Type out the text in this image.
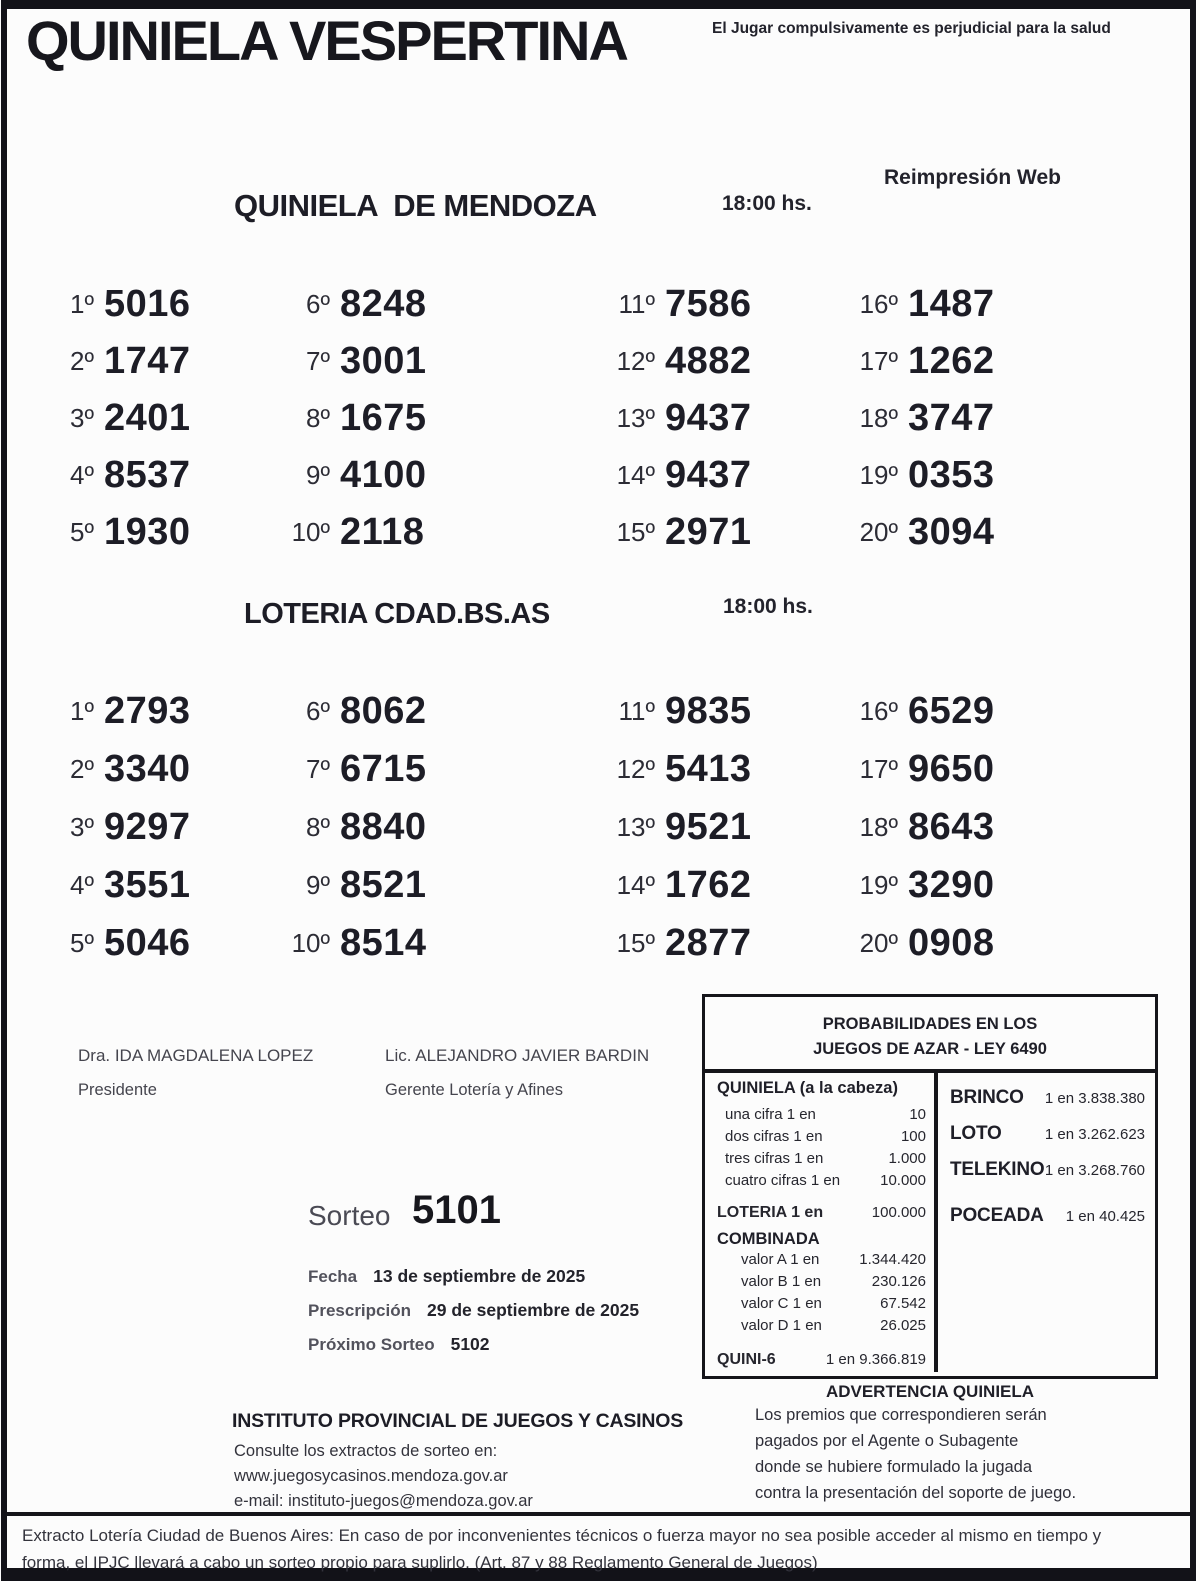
QUINIELA VESPERTINA	El Jugar compulsivamente es perjudicial para la salud
Reimpresión Web
QUINIELA  DE MENDOZA	18:00 hs.
1º 5016
2º 1747
3º 2401
4º 8537
5º 1930
6º 8248
7º 3001
8º 1675
9º 4100
10º 2118
11º 7586
12º 4882
13º 9437
14º 9437
15º 2971
16º 1487
17º 1262
18º 3747
19º 0353
20º 3094
LOTERIA CDAD.BS.AS	18:00 hs.
1º 2793
2º 3340
3º 9297
4º 3551
5º 5046
6º 8062
7º 6715
8º 8840
9º 8521
10º 8514
11º 9835
12º 5413
13º 9521
14º 1762
15º 2877
16º 6529
17º 9650
18º 8643
19º 3290
20º 0908
Dra. IDA MAGDALENA LOPEZ
Presidente
Lic. ALEJANDRO JAVIER BARDIN
Gerente Lotería y Afines
PROBABILIDADES EN LOS
JUEGOS DE AZAR - LEY 6490
QUINIELA (a la cabeza)
una cifra 1 en	10
dos cifras 1 en	100
tres cifras 1 en	1.000
cuatro cifras 1 en	10.000
LOTERIA 1 en	100.000
COMBINADA
valor A 1 en	1.344.420
valor B 1 en	230.126
valor C 1 en	67.542
valor D 1 en	26.025
QUINI-6	1 en 9.366.819
BRINCO 1 en 3.838.380
LOTO	1 en 3.262.623
TELEKINO 1 en 3.268.760
POCEADA 1 en 40.425
Sorteo 5101
Fecha 13 de septiembre de 2025
Prescripción 29 de septiembre de 2025
Próximo Sorteo 5102
ADVERTENCIA QUINIELA
Los premios que correspondieren serán
pagados por el Agente o Subagente
donde se hubiere formulado la jugada
contra la presentación del soporte de juego.
INSTITUTO PROVINCIAL DE JUEGOS Y CASINOS
Consulte los extractos de sorteo en:
www.juegosycasinos.mendoza.gov.ar
e-mail: instituto-juegos@mendoza.gov.ar
Extracto Lotería Ciudad de Buenos Aires: En caso de por inconvenientes técnicos o fuerza mayor no sea posible acceder al mismo en tiempo y
forma, el IPJC llevará a cabo un sorteo propio para suplirlo. (Art. 87 y 88 Reglamento General de Juegos)
